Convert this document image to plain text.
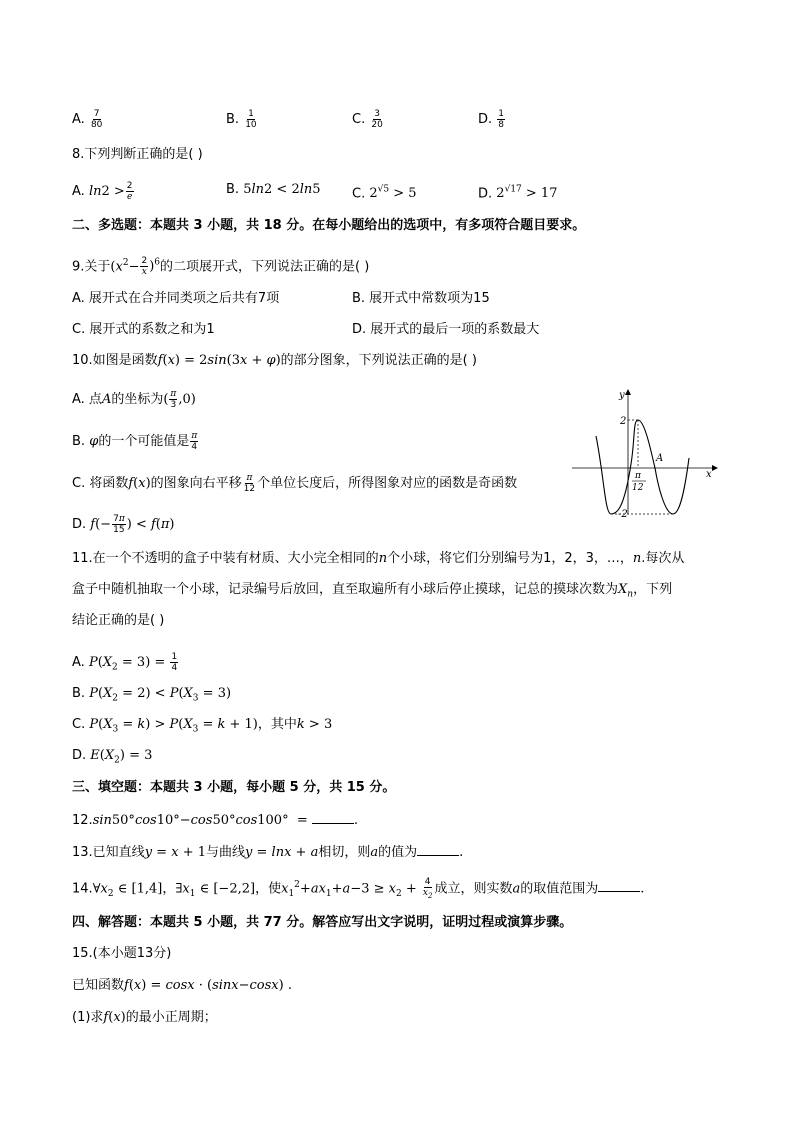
A. $\frac{7}{80}$	B. $\frac{1}{10}$	C. $\frac{3}{20}$	D. $\frac{1}{8}$
8.下列判断正确的是( )
A. $\ln 2 > \frac{2}{e}$	B. 5ln2 < 2ln5 C. $2^{√5} > 5$	D. $2^{√17} > 17$
二、多选题：本题共 3 小题，共 18 分。在每小题给出的选项中，有多项符合题目要求。
9.关于$(x^2- \frac{2}{x} )^6$的二项展开式，下列说法正确的是( )
A. 展开式在合并同类项之后共有7项	B. 展开式中常数项为15
C. 展开式的系数之和为1	D. 展开式的最后一项的系数最大
10.如图是函数f(x) = 2sin(3x + φ)的部分图象，下列说法正确的是( )
A. 点A的坐标为( $\frac{\pi}{3} ,0$)
B. φ的一个可能值是 $\frac{\pi}{4}$
C. 将函数f(x)的图象向右平移 $\frac{\pi}{12}$ 个单位长度后，所得图象对应的函数是奇函数
D. $f(- \frac{7\pi}{15}$ ) < f(π)
y
x
2
-2
A
π
12
11.在一个不透明的盒子中装有材质、大小完全相同的n个小球，将它们分别编号为1，2，3，…，n.每次从
盒子中随机抽取一个小球，记录编号后放回，直至取遍所有小球后停止摸球，记总的摸球次数为$X_n$，下列
结论正确的是( )
A. $P(X_2 = 3) = \frac{1}{4}$
B. $P(X_2 = 2) < P(X_3 = 3)$
C. $P(X_3 = k) > P(X_3 = k + 1)$，其中k > 3
D. $E(X_2) = 3$
三、填空题：本题共 3 小题，每小题 5 分，共 15 分。
12.sin50°cos10°−cos50°cos100°  =	.
13.已知直线y = x + 1与曲线y = lnx + a相切，则a的值为	.
$14.\forall x_2$ ∈ [1,4]，$\exists x_1$ ∈ [−2,2]，使$x_1^2+ax_1+a-3 \ge x_2 + \frac{4}{x_2}$ 成立，则实数a的取值范围为	.
四、解答题：本题共 5 小题，共 77 分。解答应写出文字说明，证明过程或演算步骤。
15.(本小题13分)
已知函数f(x) = cosx · (sinx−cosx) .
(1)求f(x)的最小正周期；
